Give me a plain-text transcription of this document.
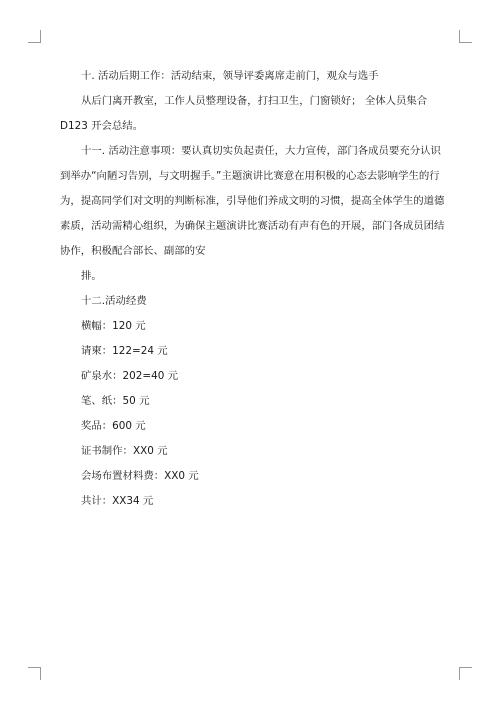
十. 活动后期工作：活动结束，领导评委离席走前门，观众与选手

从后门离开教室，工作人员整理设备，打扫卫生，门窗锁好； 全体人员集合

D123 开会总结。

十一. 活动注意事项：要认真切实负起责任，大力宣传，部门各成员要充分认识到举办“向陋习告别，与文明握手。”主题演讲比赛意在用积极的心态去影响学生的行为，提高同学们对文明的判断标准，引导他们养成文明的习惯，提高全体学生的道德素质，活动需精心组织，为确保主题演讲比赛活动有声有色的开展，部门各成员团结协作，积极配合部长、副部的安

排。

十二.活动经费

横幅：120 元

请柬：122=24 元

矿泉水：202=40 元

笔、纸：50 元

奖品：600 元

证书制作：XX0 元

会场布置材料费：XX0 元

共计：XX34 元
